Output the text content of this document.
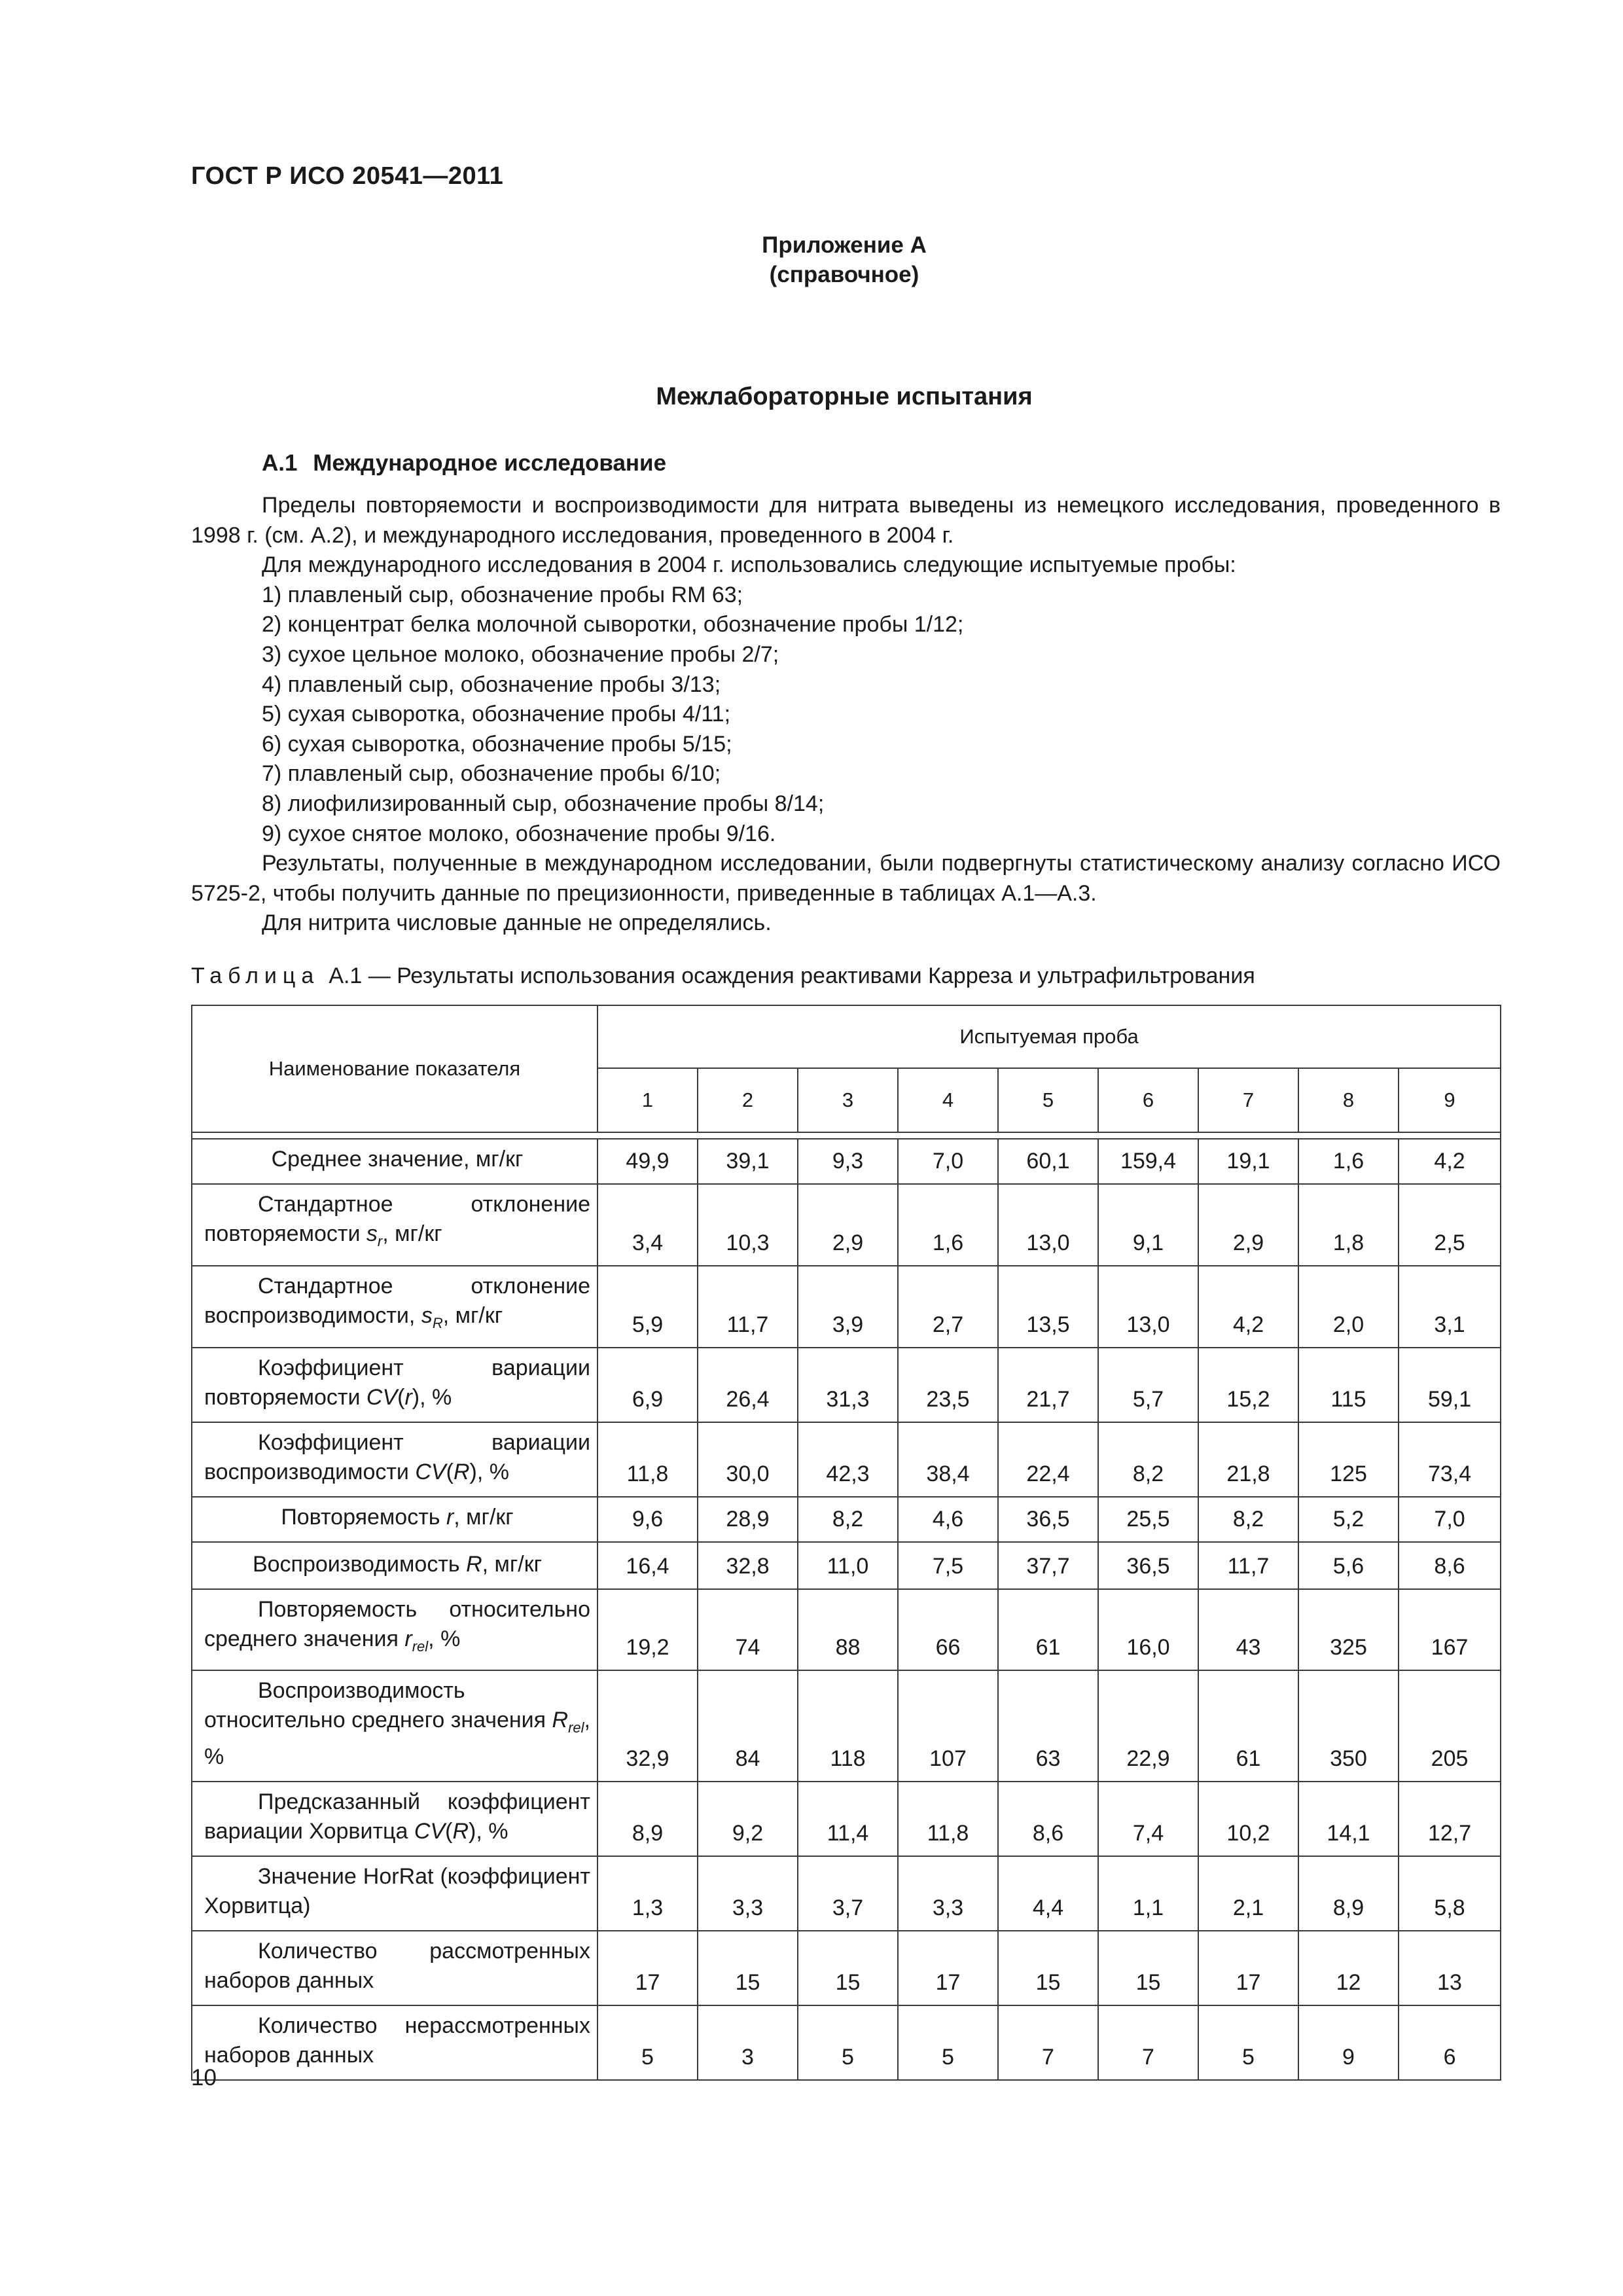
ГОСТ Р ИСО 20541—2011
Приложение А
(справочное)
Межлабораторные испытания
А.1 Международное исследование

Пределы повторяемости и воспроизводимости для нитрата выведены из немецкого исследования, проведенного в 1998 г. (см. А.2), и международного исследования, проведенного в 2004 г.

Для международного исследования в 2004 г. использовались следующие испытуемые пробы:

1) плавленый сыр, обозначение пробы RM 63;

2) концентрат белка молочной сыворотки, обозначение пробы 1/12;

3) сухое цельное молоко, обозначение пробы 2/7;

4) плавленый сыр, обозначение пробы 3/13;

5) сухая сыворотка, обозначение пробы 4/11;

6) сухая сыворотка, обозначение пробы 5/15;

7) плавленый сыр, обозначение пробы 6/10;

8) лиофилизированный сыр, обозначение пробы 8/14;

9) сухое снятое молоко, обозначение пробы 9/16.

Результаты, полученные в международном исследовании, были подвергнуты статистическому анализу согласно ИСО 5725-2, чтобы получить данные по прецизионности, приведенные в таблицах А.1—А.3.

Для нитрита числовые данные не определялись.

Таблица А.1 — Результаты использования осаждения реактивами Карреза и ультрафильтрования
Наименование показателя	Испытуемая проба								
	1	2	3	4	5	6	7	8	9

Среднее значение, мг/кг	49,9	39,1	9,3	7,0	60,1	159,4	19,1	1,6	4,2

Стандартное отклонение повторяемости $s_r$, мг/кг	3,4	10,3	2,9	1,6	13,0	9,1	2,9	1,8	2,5

Стандартное отклонение воспроизводимости, $s_R$, мг/кг	5,9	11,7	3,9	2,7	13,5	13,0	4,2	2,0	3,1

Коэффициент вариации повторяемости CV(r), %	6,9	26,4	31,3	23,5	21,7	5,7	15,2	115	59,1

Коэффициент вариации воспроизводимости CV(R), %	11,8	30,0	42,3	38,4	22,4	8,2	21,8	125	73,4
Повторяемость r, мг/кг	9,6	28,9	8,2	4,6	36,5	25,5	8,2	5,2	7,0
Воспроизводимость R, мг/кг	16,4	32,8	11,0	7,5	37,7	36,5	11,7	5,6	8,6

Повторяемость относительно среднего значения $r_{rel}$, %	19,2	74	88	66	61	16,0	43	325	167

Воспроизводимость относительно среднего значения $R_{rel}$, %	32,9	84	118	107	63	22,9	61	350	205

Предсказанный коэффициент вариации Хорвитца CV(R), %	8,9	9,2	11,4	11,8	8,6	7,4	10,2	14,1	12,7

Значение HorRat (коэффициент Хорвитца)	1,3	3,3	3,7	3,3	4,4	1,1	2,1	8,9	5,8

Количество рассмотренных наборов данных	17	15	15	17	15	15	17	12	13

Количество нерассмотренных наборов данных	5	3	5	5	7	7	5	9	6
10
